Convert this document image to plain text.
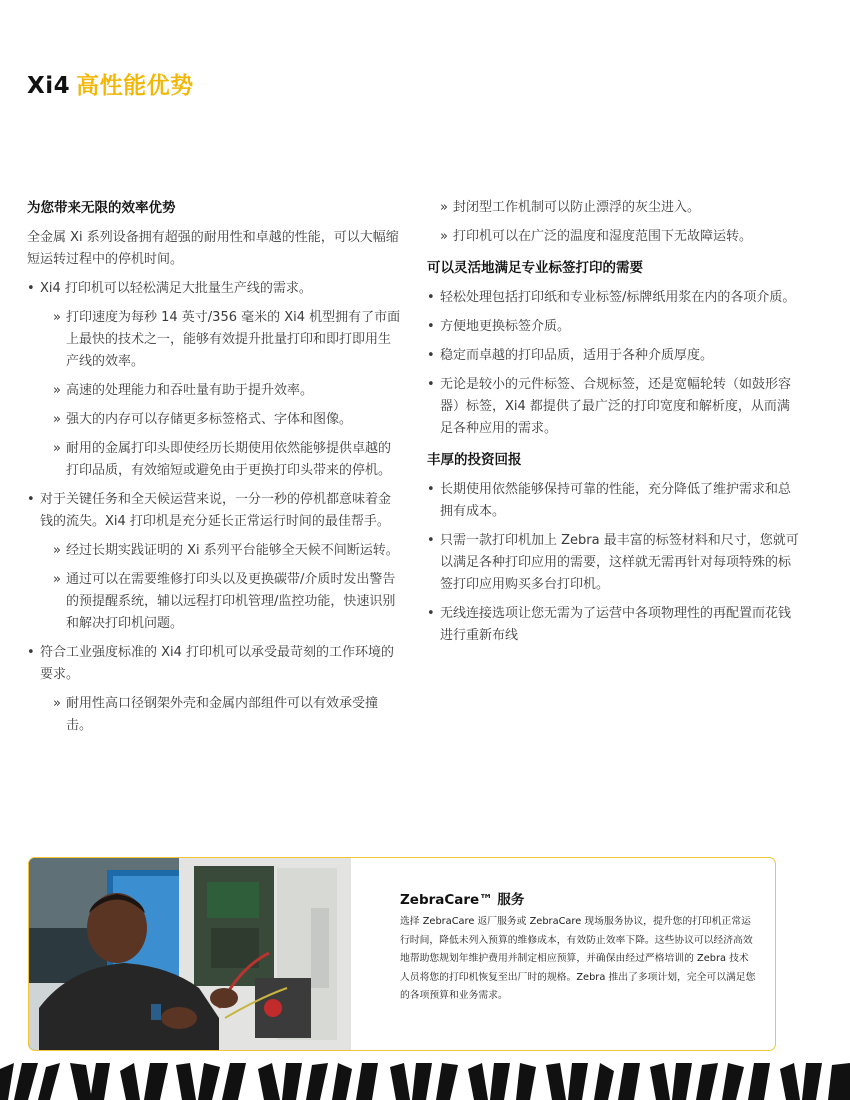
Xi4 高性能优势
为您带来无限的效率优势

全金属 Xi 系列设备拥有超强的耐用性和卓越的性能，可以大幅缩短运转过程中的停机时间。

• Xi4 打印机可以轻松满足大批量生产线的需求。
» 打印速度为每秒 14 英寸/356 毫米的 Xi4 机型拥有了市面上最快的技术之一，能够有效提升批量打印和即打即用生产线的效率。
» 高速的处理能力和吞吐量有助于提升效率。
» 强大的内存可以存储更多标签格式、字体和图像。
» 耐用的金属打印头即使经历长期使用依然能够提供卓越的打印品质，有效缩短或避免由于更换打印头带来的停机。
• 对于关键任务和全天候运营来说，一分一秒的停机都意味着金钱的流失。Xi4 打印机是充分延长正常运行时间的最佳帮手。
» 经过长期实践证明的 Xi 系列平台能够全天候不间断运转。
» 通过可以在需要维修打印头以及更换碳带/介质时发出警告的预提醒系统，辅以远程打印机管理/监控功能，快速识别和解决打印机问题。
• 符合工业强度标准的 Xi4 打印机可以承受最苛刻的工作环境的要求。
» 耐用性高口径钢架外壳和金属内部组件可以有效承受撞击。
» 封闭型工作机制可以防止漂浮的灰尘进入。
» 打印机可以在广泛的温度和湿度范围下无故障运转。
可以灵活地满足专业标签打印的需要
• 轻松处理包括打印纸和专业标签/标牌纸用浆在内的各项介质。
• 方便地更换标签介质。
• 稳定而卓越的打印品质，适用于各种介质厚度。
• 无论是较小的元件标签、合规标签，还是宽幅轮转（如鼓形容器）标签，Xi4 都提供了最广泛的打印宽度和解析度，从而满足各种应用的需求。
丰厚的投资回报
• 长期使用依然能够保持可靠的性能，充分降低了维护需求和总拥有成本。
• 只需一款打印机加上 Zebra 最丰富的标签材料和尺寸，您就可以满足各种打印应用的需要，这样就无需再针对每项特殊的标签打印应用购买多台打印机。
• 无线连接选项让您无需为了运营中各项物理性的再配置而花钱进行重新布线
ZebraCare™ 服务

选择 ZebraCare 返厂服务或 ZebraCare 现场服务协议，提升您的打印机正常运行时间，降低未列入预算的维修成本，有效防止效率下降。这些协议可以经济高效地帮助您规划年维护费用并制定相应预算，并确保由经过严格培训的 Zebra 技术人员将您的打印机恢复至出厂时的规格。Zebra 推出了多项计划，完全可以满足您的各项预算和业务需求。
